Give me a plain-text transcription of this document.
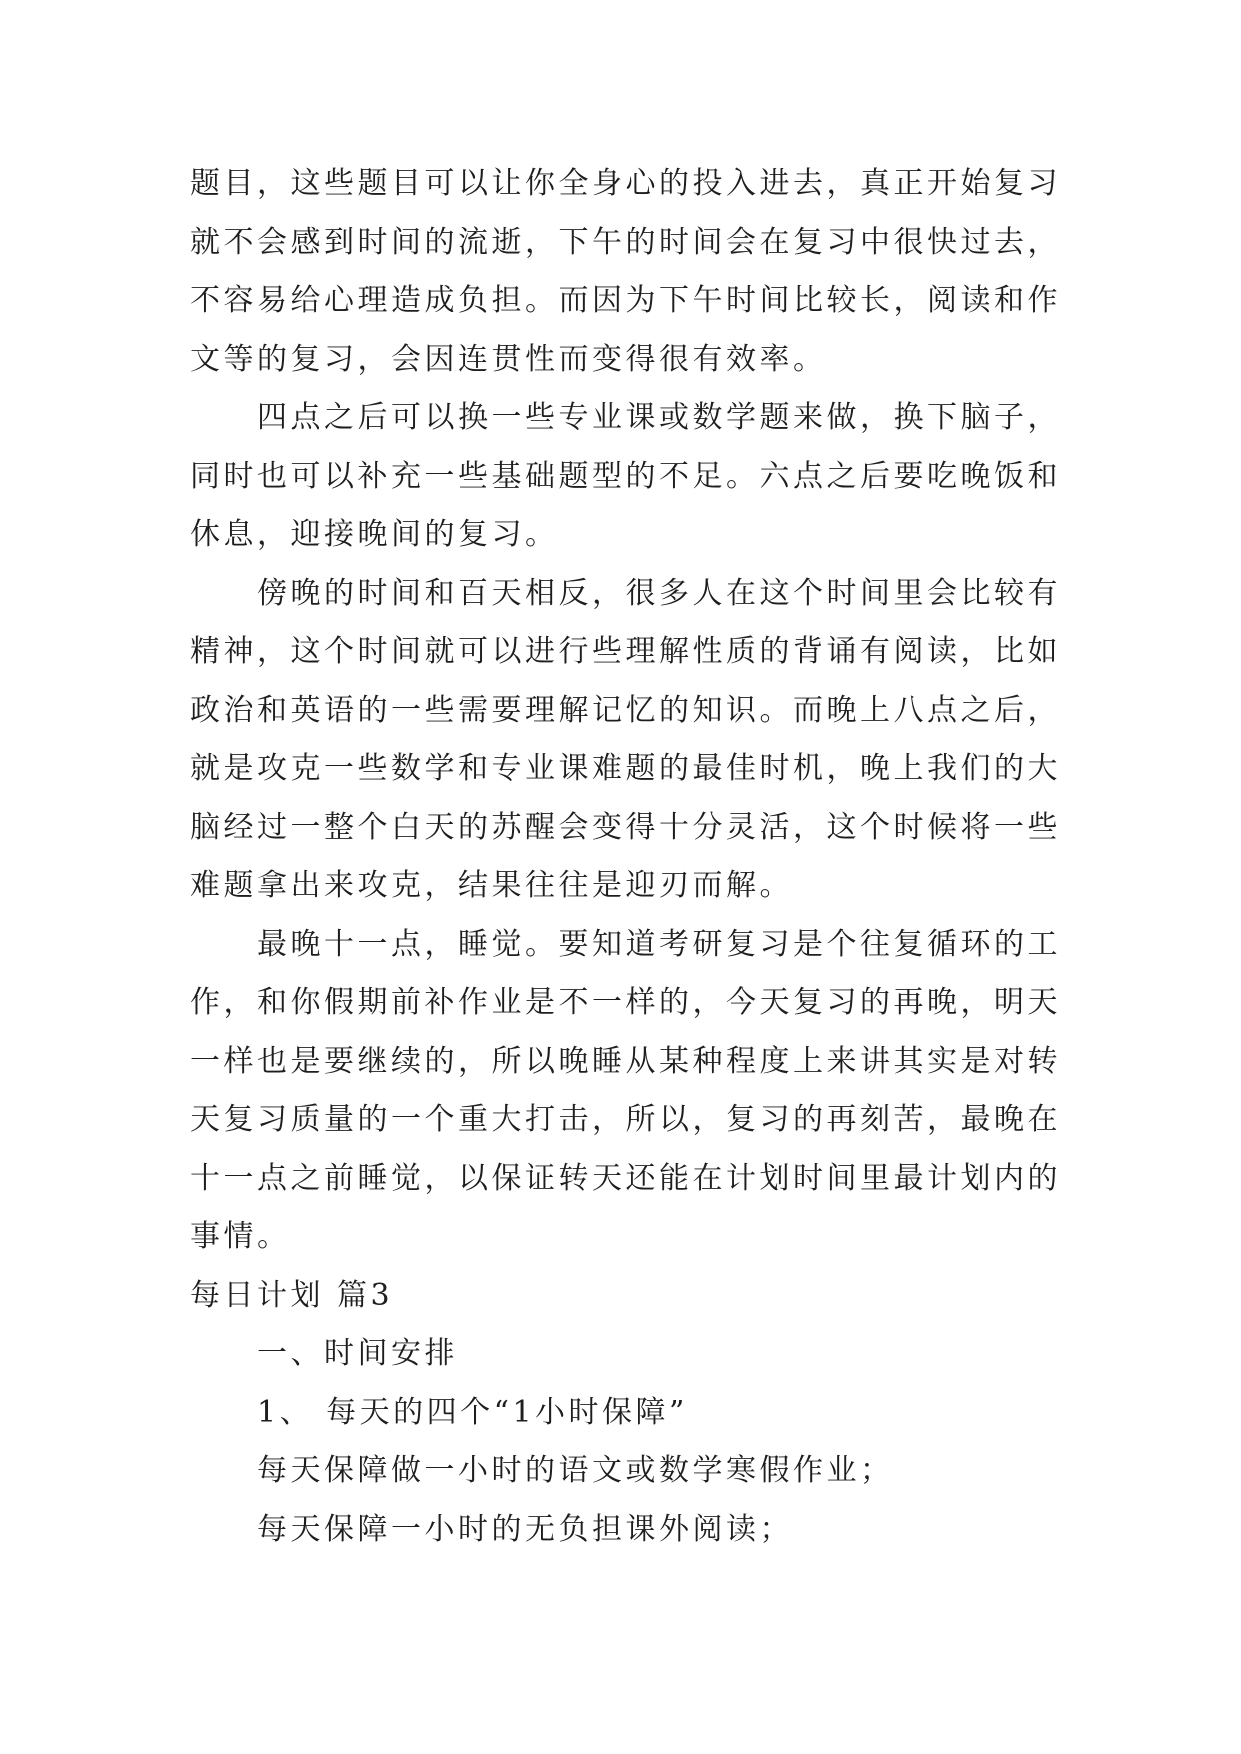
题目，这些题目可以让你全身心的投入进去，真正开始复习
就不会感到时间的流逝，下午的时间会在复习中很快过去，
不容易给心理造成负担。而因为下午时间比较长，阅读和作
文等的复习，会因连贯性而变得很有效率。
四点之后可以换一些专业课或数学题来做，换下脑子，
同时也可以补充一些基础题型的不足。六点之后要吃晚饭和
休息，迎接晚间的复习。
傍晚的时间和百天相反，很多人在这个时间里会比较有
精神，这个时间就可以进行些理解性质的背诵有阅读，比如
政治和英语的一些需要理解记忆的知识。而晚上八点之后，
就是攻克一些数学和专业课难题的最佳时机，晚上我们的大
脑经过一整个白天的苏醒会变得十分灵活，这个时候将一些
难题拿出来攻克，结果往往是迎刃而解。
最晚十一点，睡觉。要知道考研复习是个往复循环的工
作，和你假期前补作业是不一样的，今天复习的再晚，明天
一样也是要继续的，所以晚睡从某种程度上来讲其实是对转
天复习质量的一个重大打击，所以，复习的再刻苦，最晚在
十一点之前睡觉，以保证转天还能在计划时间里最计划内的
事情。
每日计划 篇3
一、时间安排
1、 每天的四个“1小时保障”
每天保障做一小时的语文或数学寒假作业；
每天保障一小时的无负担课外阅读；
